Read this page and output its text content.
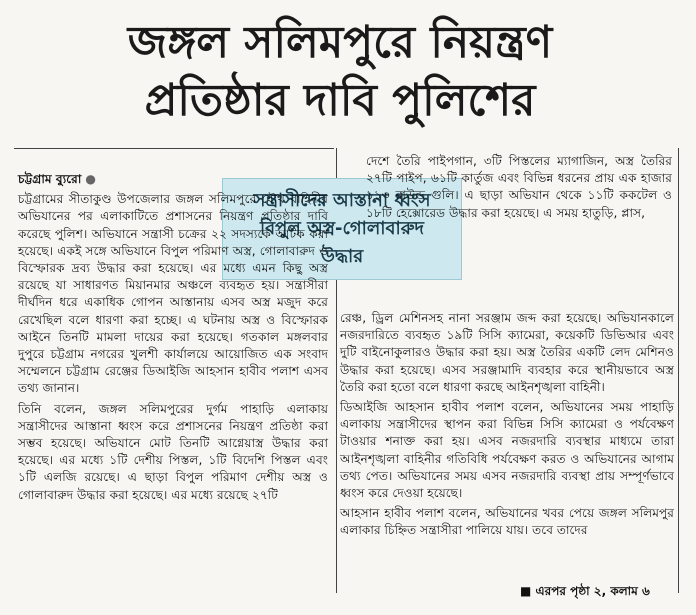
জঙ্গল সলিমপুরে নিয়ন্ত্রণ
প্রতিষ্ঠার দাবি পুলিশের
সন্ত্রাসীদের আস্তানা ধ্বংস
বিপুল অস্ত্র-গোলাবারুদ
উদ্ধার

চট্টগ্রাম ব্যুরো ●

চট্টগ্রামের সীতাকুণ্ড উপজেলার জঙ্গল সলিমপুরে যৌথ বাহিনীর অভিযানের পর এলাকাটিতে প্রশাসনের নিয়ন্ত্রণ প্রতিষ্ঠার দাবি করেছে পুলিশ। অভিযানে সন্ত্রাসী চক্রের ২২ সদস্যকে আটক করা হয়েছে। একই সঙ্গে অভিযানে বিপুল পরিমাণ অস্ত্র, গোলাবারুদ ও বিস্ফোরক দ্রব্য উদ্ধার করা হয়েছে। এর মধ্যে এমন কিছু অস্ত্র রয়েছে যা সাধারণত মিয়ানমার অঞ্চলে ব্যবহৃত হয়। সন্ত্রাসীরা দীর্ঘদিন ধরে একাধিক গোপন আস্তানায় এসব অস্ত্র মজুদ করে রেখেছিল বলে ধারণা করা হচ্ছে। এ ঘটনায় অস্ত্র ও বিস্ফোরক আইনে তিনটি মামলা দায়ের করা হয়েছে। গতকাল মঙ্গলবার দুপুরে চট্টগ্রাম নগরের খুলশী কার্যালয়ে আয়োজিত এক সংবাদ সম্মেলনে চট্টগ্রাম রেঞ্জের ডিআইজি আহসান হাবীব পলাশ এসব তথ্য জানান।

তিনি বলেন, জঙ্গল সলিমপুরের দুর্গম পাহাড়ি এলাকায় সন্ত্রাসীদের আস্তানা ধ্বংস করে প্রশাসনের নিয়ন্ত্রণ প্রতিষ্ঠা করা সম্ভব হয়েছে। অভিযানে মোট তিনটি আগ্নেয়াস্ত্র উদ্ধার করা হয়েছে। এর মধ্যে ১টি দেশীয় পিস্তল, ১টি বিদেশি পিস্তল এবং ১টি এলজি রয়েছে। এ ছাড়া বিপুল পরিমাণ দেশীয় অস্ত্র ও গোলাবারুদ উদ্ধার করা হয়েছে। এর মধ্যে রয়েছে ২৭টি

দেশে তৈরি পাইপগান, ৩টি পিস্তলের ম্যাগাজিন, অস্ত্র তৈরির ২৭টি পাইপ, ৬১টি কার্তুজ এবং বিভিন্ন ধরনের প্রায় এক হাজার ১১৩ রাউন্ড গুলি। এ ছাড়া অভিযান থেকে ১১টি ককটেল ও ১৮টি হেক্সোরেড উদ্ধার করা হয়েছে। এ সময় হাতুড়ি, প্লাস,

রেঞ্চ, ড্রিল মেশিনসহ নানা সরঞ্জাম জব্দ করা হয়েছে। অভিযানকালে নজরদারিতে ব্যবহৃত ১৯টি সিসি ক্যামেরা, কয়েকটি ডিভিআর এবং দুটি বাইনোকুলারও উদ্ধার করা হয়। অস্ত্র তৈরির একটি লেদ মেশিনও উদ্ধার করা হয়েছে। এসব সরঞ্জামাদি ব্যবহার করে স্থানীয়ভাবে অস্ত্র তৈরি করা হতো বলে ধারণা করছে আইনশৃঙ্খলা বাহিনী।

ডিআইজি আহসান হাবীব পলাশ বলেন, অভিযানের সময় পাহাড়ি এলাকায় সন্ত্রাসীদের স্থাপন করা বিভিন্ন সিসি ক্যামেরা ও পর্যবেক্ষণ টাওয়ার শনাক্ত করা হয়। এসব নজরদারি ব্যবস্থার মাধ্যমে তারা আইনশৃঙ্খলা বাহিনীর গতিবিধি পর্যবেক্ষণ করত ও অভিযানের আগাম তথ্য পেত। অভিযানের সময় এসব নজরদারি ব্যবস্থা প্রায় সম্পূর্ণভাবে ধ্বংস করে দেওয়া হয়েছে।

আহসান হাবীব পলাশ বলেন, অভিযানের খবর পেয়ে জঙ্গল সলিমপুর এলাকার চিহ্নিত সন্ত্রাসীরা পালিয়ে যায়। তবে তাদের

■ এরপর পৃষ্ঠা ২, কলাম ৬
